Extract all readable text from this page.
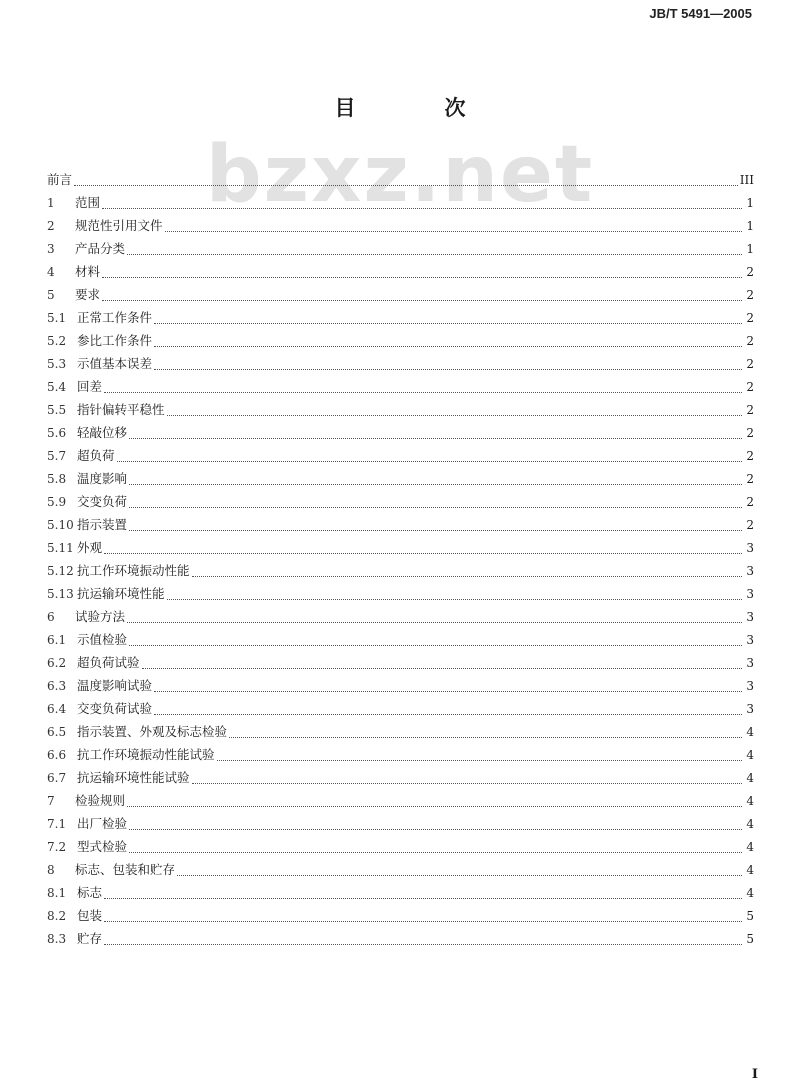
JB/T 5491—2005
bzxz.net
目　次
前言	III
1	范围	1
2	规范性引用文件	1
3	产品分类	1
4	材料	2
5	要求	2
5.1 正常工作条件	2
5.2 参比工作条件	2
5.3 示值基本误差	2
5.4 回差	2
5.5 指针偏转平稳性	2
5.6 轻敲位移	2
5.7 超负荷	2
5.8 温度影响	2
5.9 交变负荷	2
5.10 指示装置	2
5.11 外观	3
5.12 抗工作环境振动性能	3
5.13 抗运输环境性能	3
6	试验方法	3
6.1 示值检验	3
6.2 超负荷试验	3
6.3 温度影响试验	3
6.4 交变负荷试验	3
6.5 指示装置、外观及标志检验	4
6.6 抗工作环境振动性能试验	4
6.7 抗运输环境性能试验	4
7	检验规则	4
7.1 出厂检验	4
7.2 型式检验	4
8	标志、包装和贮存	4
8.1 标志	4
8.2 包装	5
8.3 贮存	5
I
